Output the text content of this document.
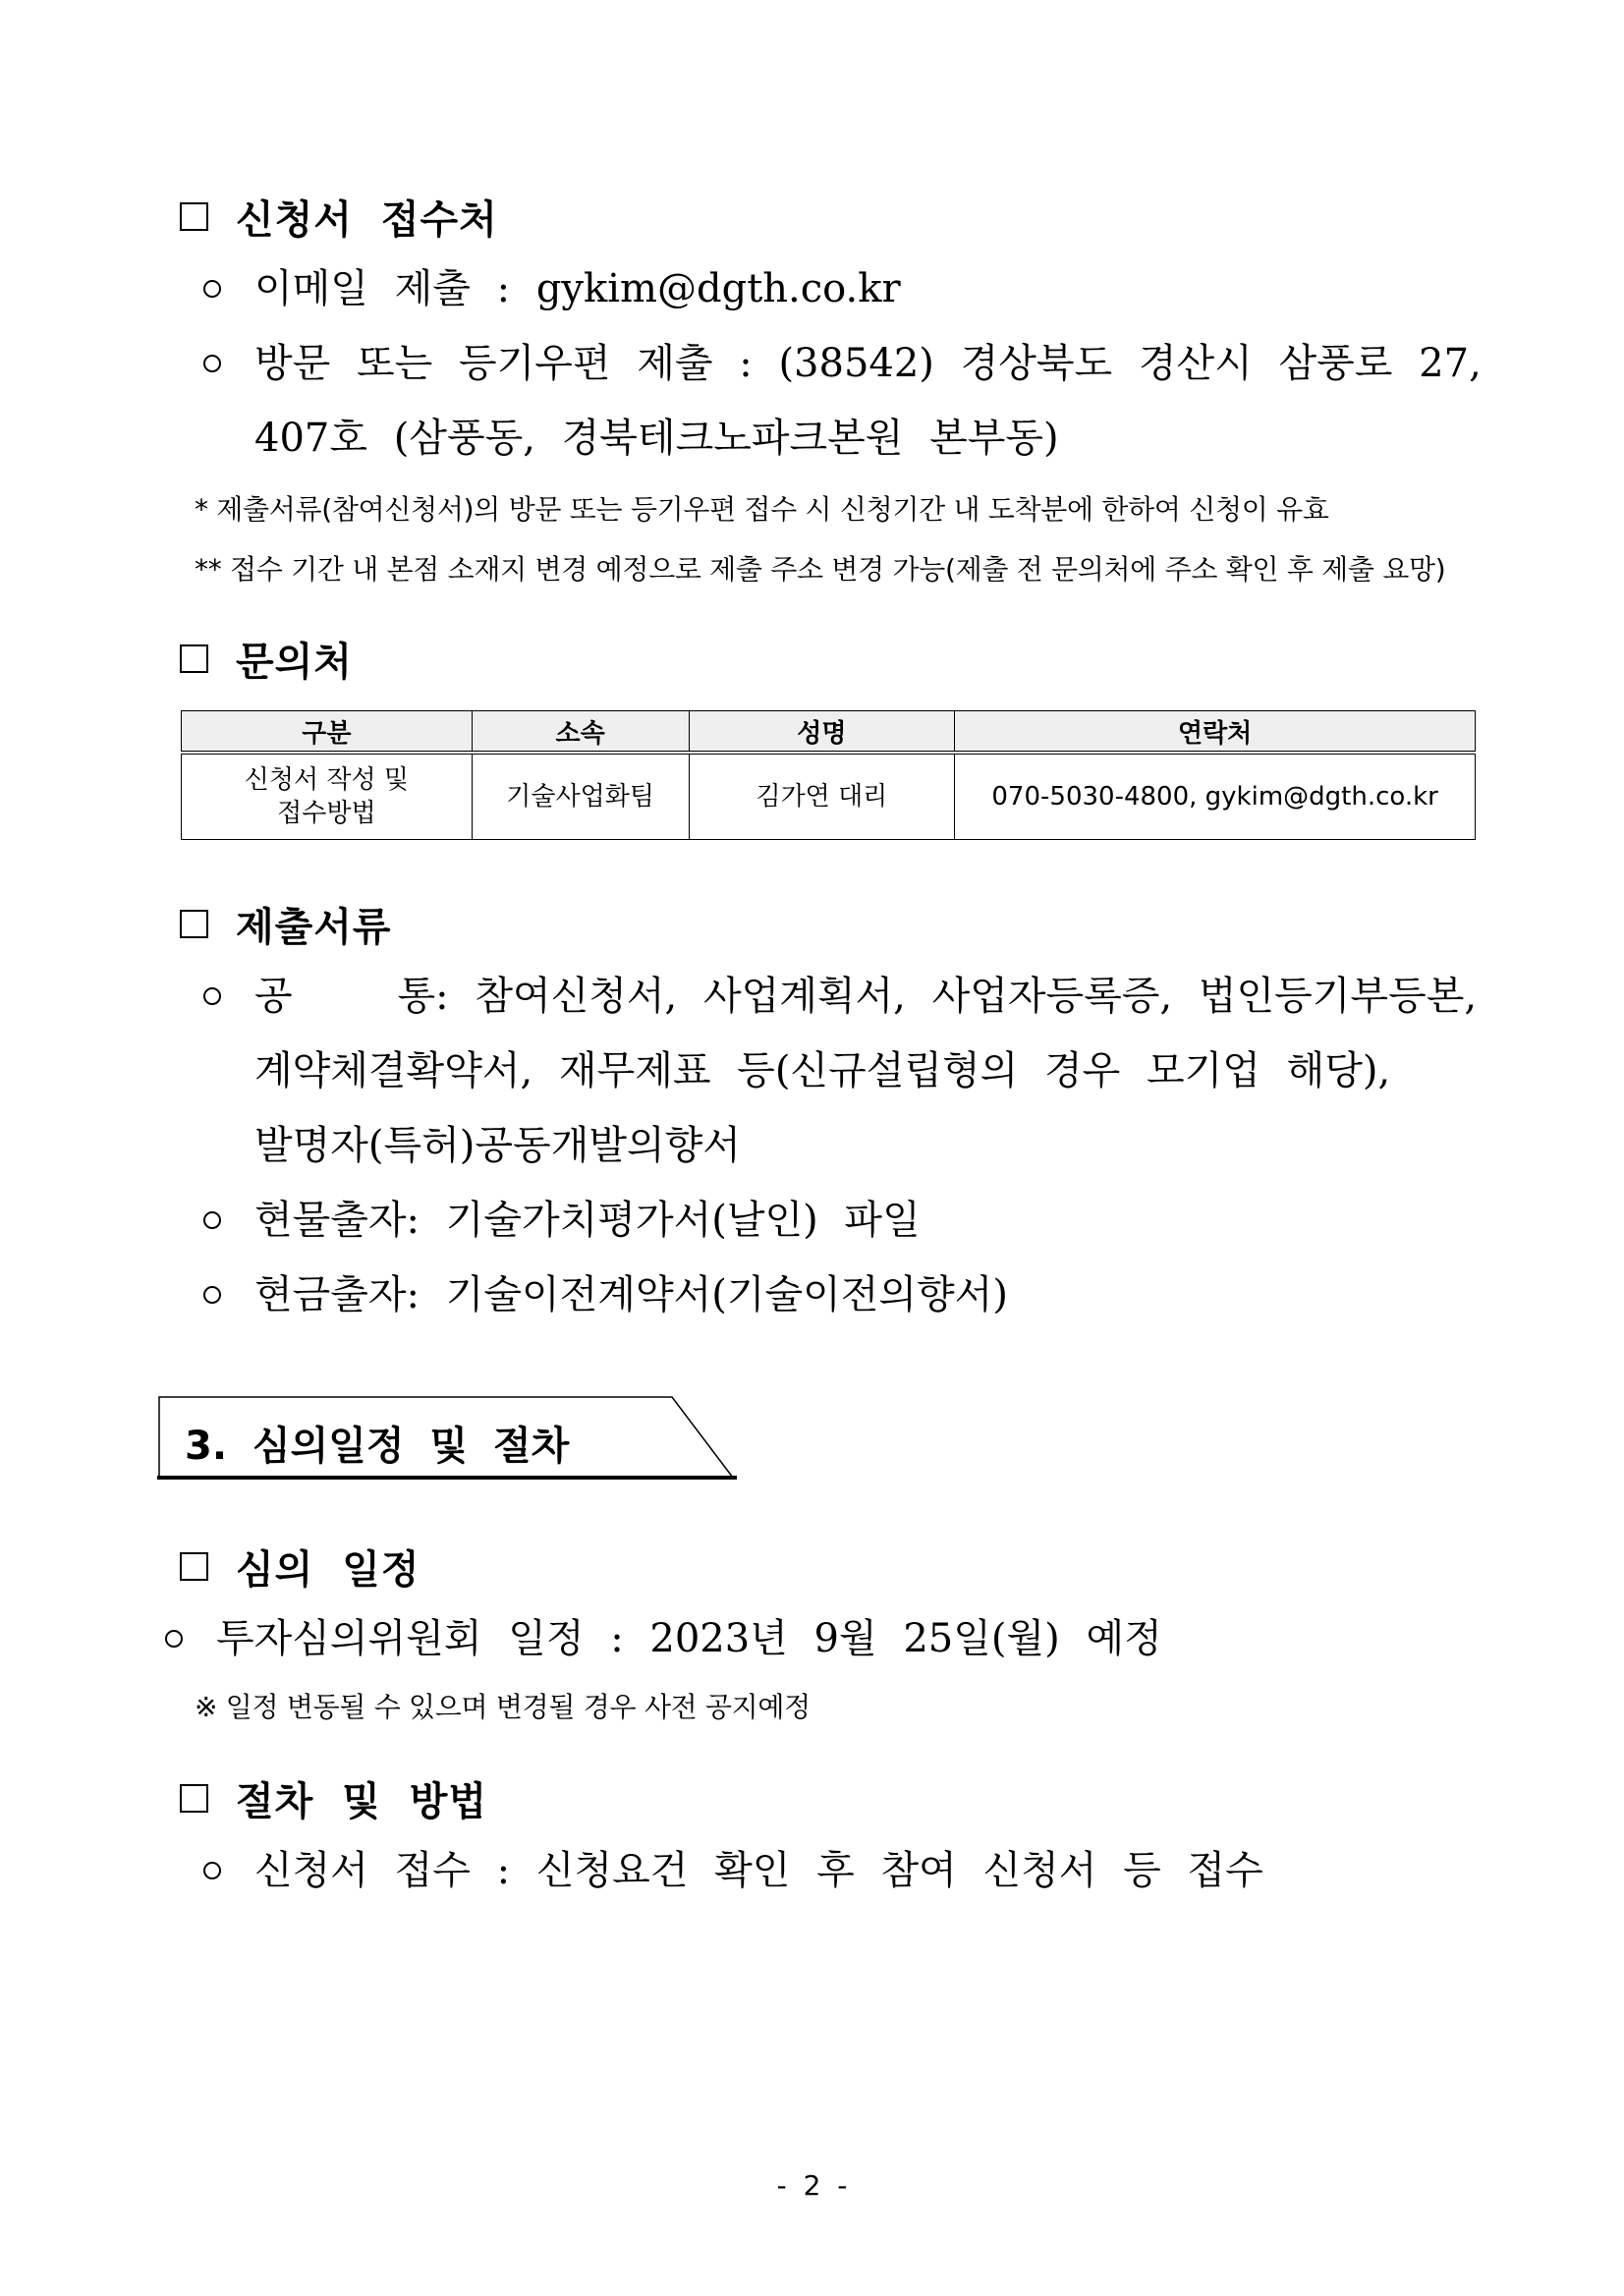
신청서 접수처
이메일 제출 : gykim@dgth.co.kr
방문 또는 등기우편 제출 : (38542) 경상북도 경산시 삼풍로 27,
407호 (삼풍동, 경북테크노파크본원 본부동)
* 제출서류(참여신청서)의 방문 또는 등기우편 접수 시 신청기간 내 도착분에 한하여 신청이 유효
** 접수 기간 내 본점 소재지 변경 예정으로 제출 주소 변경 가능(제출 전 문의처에 주소 확인 후 제출 요망)
문의처
구분	소속	성명	연락처

신청서 작성 및
접수방법	기술사업화팀	김가연 대리	070-5030-4800, gykim@dgth.co.kr
제출서류
공    통: 참여신청서, 사업계획서, 사업자등록증, 법인등기부등본,
계약체결확약서, 재무제표 등(신규설립형의 경우 모기업 해당),
발명자(특허)공동개발의향서
현물출자: 기술가치평가서(날인) 파일
현금출자: 기술이전계약서(기술이전의향서)
3. 심의일정 및 절차
심의 일정
투자심의위원회 일정 : 2023년 9월 25일(월) 예정
※ 일정 변동될 수 있으며 변경될 경우 사전 공지예정
절차 및 방법
신청서 접수 : 신청요건 확인 후 참여 신청서 등 접수
- 2 -
